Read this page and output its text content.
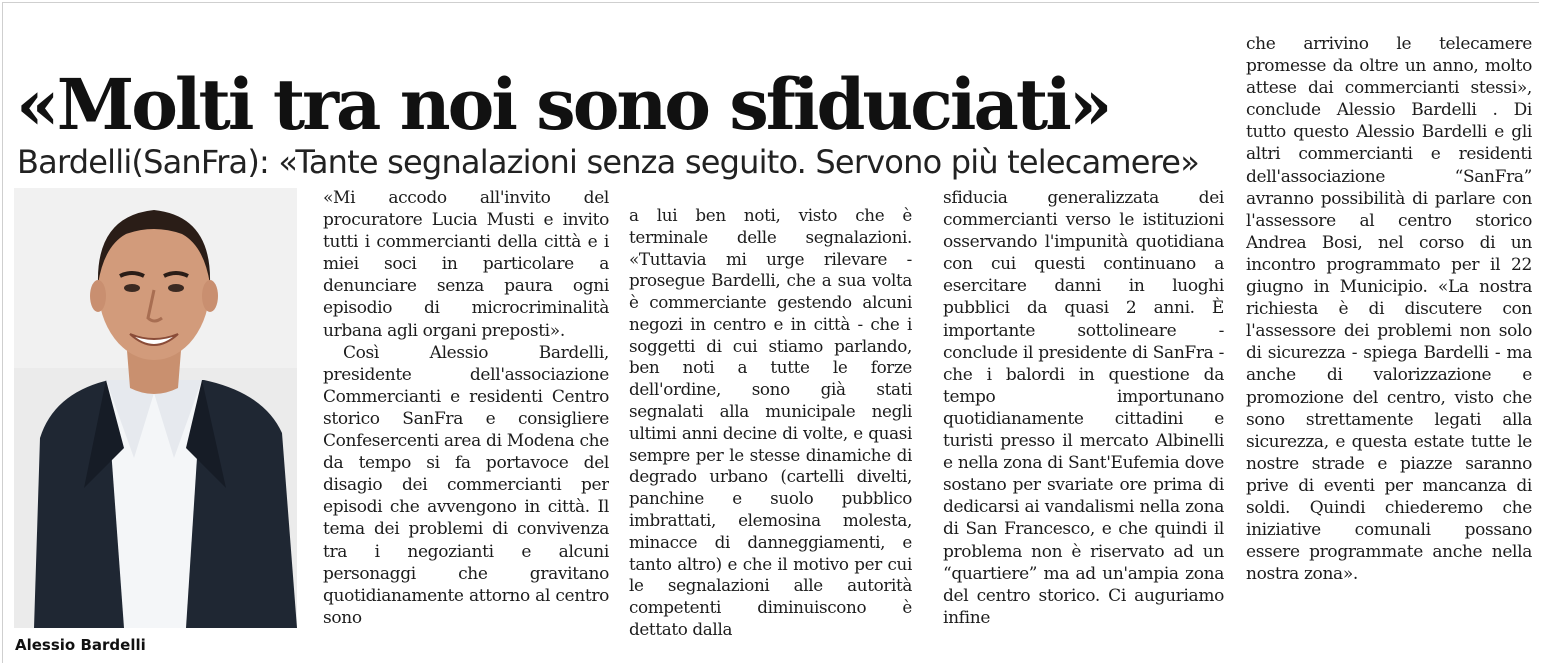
«Molti tra noi sono sfiduciati»
Bardelli(SanFra): «Tante segnalazioni senza seguito. Servono più telecamere»
Alessio Bardelli

«Mi accodo all'invito del procuratore Lucia Musti e invito tutti i commercianti della città e i miei soci in particolare a denunciare senza paura ogni episodio di microcriminalità urbana agli organi preposti».

Così Alessio Bardelli, presidente dell'associazione Commercianti e residenti Centro storico SanFra e consigliere Confesercenti area di Modena che da tempo si fa portavoce del disagio dei commercianti per episodi che avvengono in città. Il tema dei problemi di convivenza tra i negozianti e alcuni personaggi che gravitano quotidianamente attorno al centro sono

a lui ben noti, visto che è terminale delle segnalazioni. «Tuttavia mi urge rilevare - prosegue Bardelli, che a sua volta è commerciante gestendo alcuni negozi in centro e in città - che i soggetti di cui stiamo parlando, ben noti a tutte le forze dell'ordine, sono già stati segnalati alla municipale negli ultimi anni decine di volte, e quasi sempre per le stesse dinamiche di degrado urbano (cartelli divelti, panchine e suolo pubblico imbrattati, elemosina molesta, minacce di danneggiamenti, e tanto altro) e che il motivo per cui le segnalazioni alle autorità competenti diminuiscono è dettato dalla

sfiducia generalizzata dei commercianti verso le istituzioni osservando l'impunità quotidiana con cui questi continuano a esercitare danni in luoghi pubblici da quasi 2 anni. È importante sottolineare - conclude il presidente di SanFra - che i balordi in questione da tempo importunano quotidianamente cittadini e turisti presso il mercato Albinelli e nella zona di Sant'Eufemia dove sostano per svariate ore prima di dedicarsi ai vandalismi nella zona di San Francesco, e che quindi il problema non è riservato ad un “quartiere” ma ad un'ampia zona del centro storico. Ci auguriamo infine

che arrivino le telecamere promesse da oltre un anno, molto attese dai commercianti stessi», conclude Alessio Bardelli . Di tutto questo Alessio Bardelli e gli altri commercianti e residenti dell'associazione “SanFra” avranno possibilità di parlare con l'assessore al centro storico Andrea Bosi, nel corso di un incontro programmato per il 22 giugno in Municipio. «La nostra richiesta è di discutere con l'assessore dei problemi non solo di sicurezza - spiega Bardelli - ma anche di valorizzazione e promozione del centro, visto che sono strettamente legati alla sicurezza, e questa estate tutte le nostre strade e piazze saranno prive di eventi per mancanza di soldi. Quindi chiederemo che iniziative comunali possano essere programmate anche nella nostra zona».
